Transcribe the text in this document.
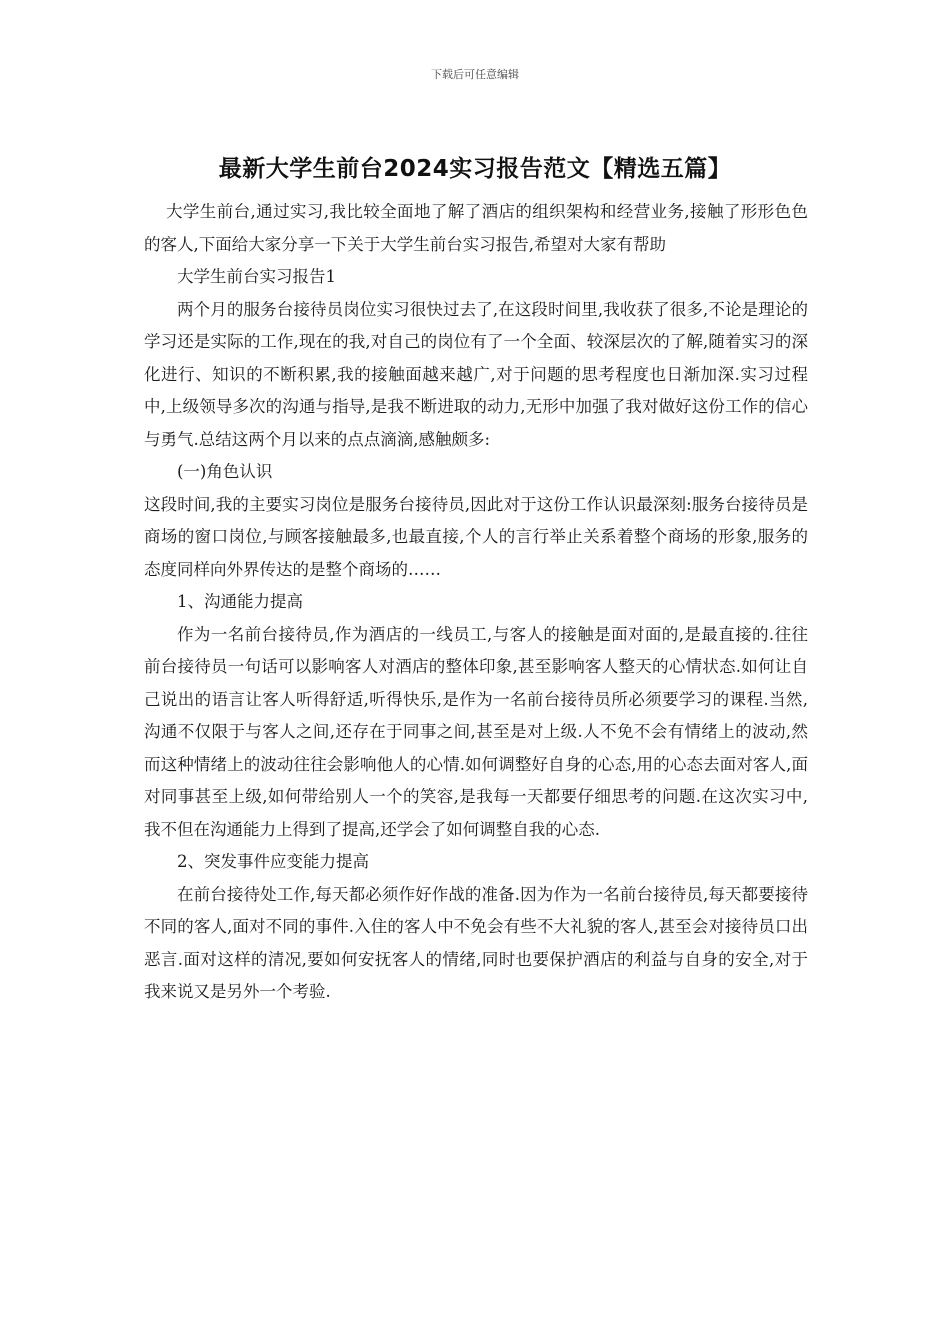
下载后可任意编辑
最新大学生前台2024实习报告范文【精选五篇】

大学生前台,通过实习,我比较全面地了解了酒店的组织架构和经营业务,接触了形形色色的客人,下面给大家分享一下关于大学生前台实习报告,希望对大家有帮助

大学生前台实习报告1

两个月的服务台接待员岗位实习很快过去了,在这段时间里,我收获了很多,不论是理论的学习还是实际的工作,现在的我,对自己的岗位有了一个全面、较深层次的了解,随着实习的深化进行、知识的不断积累,我的接触面越来越广,对于问题的思考程度也日渐加深.实习过程中,上级领导多次的沟通与指导,是我不断进取的动力,无形中加强了我对做好这份工作的信心与勇气.总结这两个月以来的点点滴滴,感触颇多:

(一)角色认识

这段时间,我的主要实习岗位是服务台接待员,因此对于这份工作认识最深刻:服务台接待员是商场的窗口岗位,与顾客接触最多,也最直接,个人的言行举止关系着整个商场的形象,服务的态度同样向外界传达的是整个商场的……

1、沟通能力提高

作为一名前台接待员,作为酒店的一线员工,与客人的接触是面对面的,是最直接的.往往前台接待员一句话可以影响客人对酒店的整体印象,甚至影响客人整天的心情状态.如何让自己说出的语言让客人听得舒适,听得快乐,是作为一名前台接待员所必须要学习的课程.当然,沟通不仅限于与客人之间,还存在于同事之间,甚至是对上级.人不免不会有情绪上的波动,然而这种情绪上的波动往往会影响他人的心情.如何调整好自身的心态,用的心态去面对客人,面对同事甚至上级,如何带给别人一个的笑容,是我每一天都要仔细思考的问题.在这次实习中,我不但在沟通能力上得到了提高,还学会了如何调整自我的心态.

2、突发事件应变能力提高

在前台接待处工作,每天都必须作好作战的准备.因为作为一名前台接待员,每天都要接待不同的客人,面对不同的事件.入住的客人中不免会有些不大礼貌的客人,甚至会对接待员口出恶言.面对这样的清况,要如何安抚客人的情绪,同时也要保护酒店的利益与自身的安全,对于我来说又是另外一个考验.
